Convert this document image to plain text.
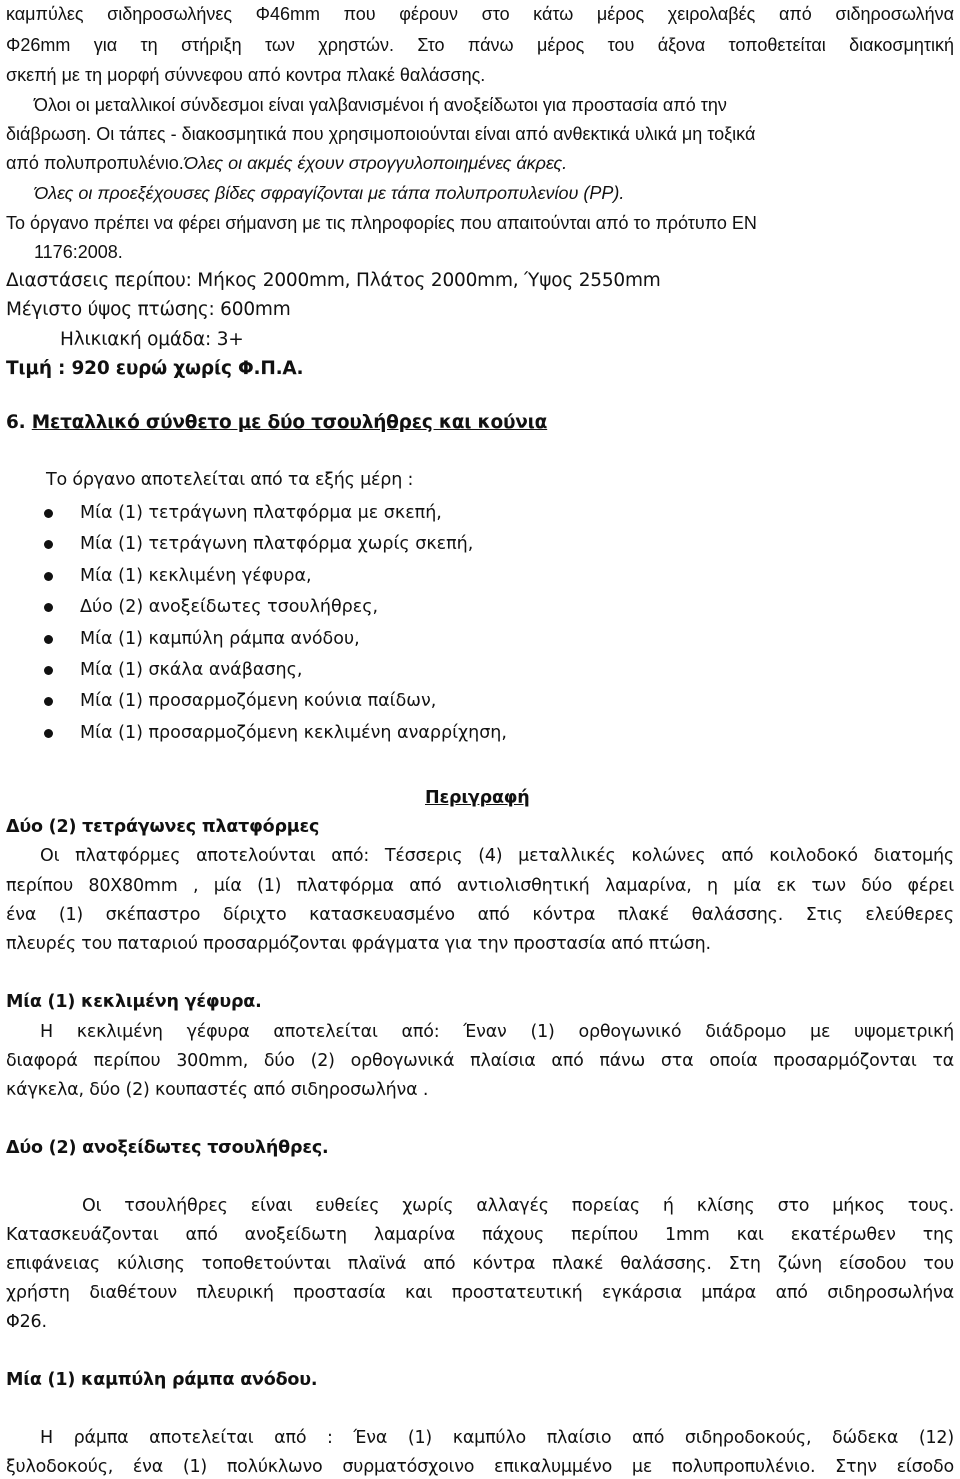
καμπύλες σιδηροσωλήνες Φ46mm που φέρουν στο κάτω μέρος χειρολαβές από σιδηροσωλήνα
Φ26mm για τη στήριξη των χρηστών. Στο πάνω μέρος του άξονα τοποθετείται διακοσμητική
σκεπή με τη μορφή σύννεφου από κοντρα πλακέ θαλάσσης.
Όλοι οι μεταλλικοί σύνδεσμοι είναι γαλβανισμένοι ή ανοξείδωτοι για προστασία από την
διάβρωση. Οι τάπες - διακοσμητικά που χρησιμοποιούνται είναι από ανθεκτικά υλικά μη τοξικά
από πολυπροπυλένιο.Όλες οι ακμές έχουν στρογγυλοποιημένες άκρες.
Όλες οι προεξέχουσες βίδες σφραγίζονται με τάπα πολυπροπυλενίου (PP).
Το όργανο πρέπει να φέρει σήμανση με τις πληροφορίες που απαιτούνται από το πρότυπο EN
1176:2008.
Διαστάσεις περίπου: Μήκος 2000mm, Πλάτος 2000mm, Ύψος 2550mm
Μέγιστο ύψος πτώσης: 600mm
Ηλικιακή ομάδα: 3+
Τιμή : 920 ευρώ χωρίς Φ.Π.Α.
6. Μεταλλικό σύνθετο με δύο τσουλήθρες και κούνια
Το όργανο αποτελείται από τα εξής μέρη :
Μία (1) τετράγωνη πλατφόρμα με σκεπή,
Μία (1) τετράγωνη πλατφόρμα χωρίς σκεπή,
Μία (1) κεκλιμένη γέφυρα,
Δύο (2) ανοξείδωτες τσουλήθρες,
Μία (1) καμπύλη ράμπα ανόδου,
Μία (1) σκάλα ανάβασης,
Μία (1) προσαρμοζόμενη κούνια παίδων,
Μία (1) προσαρμοζόμενη κεκλιμένη αναρρίχηση,
Περιγραφή
Δύο (2) τετράγωνες πλατφόρμες
Οι πλατφόρμες αποτελούνται από: Τέσσερις (4) μεταλλικές κολώνες από κοιλοδοκό διατομής
περίπου 80X80mm , μία (1) πλατφόρμα από αντιολισθητική λαμαρίνα, η μία εκ των δύο φέρει
ένα (1) σκέπαστρο δίριχτο κατασκευασμένο από κόντρα πλακέ θαλάσσης. Στις ελεύθερες
πλευρές του παταριού προσαρμόζονται φράγματα για την προστασία από πτώση.
Μία (1) κεκλιμένη γέφυρα.
Η κεκλιμένη γέφυρα αποτελείται από: Έναν (1) ορθογωνικό διάδρομο με υψομετρική
διαφορά περίπου 300mm, δύο (2) ορθογωνικά πλαίσια από πάνω στα οποία προσαρμόζονται τα
κάγκελα, δύο (2) κουπαστές από σιδηροσωλήνα .
Δύο (2) ανοξείδωτες τσουλήθρες.
Οι τσουλήθρες είναι ευθείες χωρίς αλλαγές πορείας ή κλίσης στο μήκος τους.
Κατασκευάζονται από ανοξείδωτη λαμαρίνα πάχους περίπου 1mm και εκατέρωθεν της
επιφάνειας κύλισης τοποθετούνται πλαϊνά από κόντρα πλακέ θαλάσσης. Στη ζώνη είσοδου του
χρήστη διαθέτουν πλευρική προστασία και προστατευτική εγκάρσια μπάρα από σιδηροσωλήνα
Φ26.
Μία (1) καμπύλη ράμπα ανόδου.
Η ράμπα αποτελείται από : Ένα (1) καμπύλο πλαίσιο από σιδηροδοκούς, δώδεκα (12)
ξυλοδοκούς, ένα (1) πολύκλωνο συρματόσχοινο επικαλυμμένο με πολυπροπυλένιο. Στην είσοδο
